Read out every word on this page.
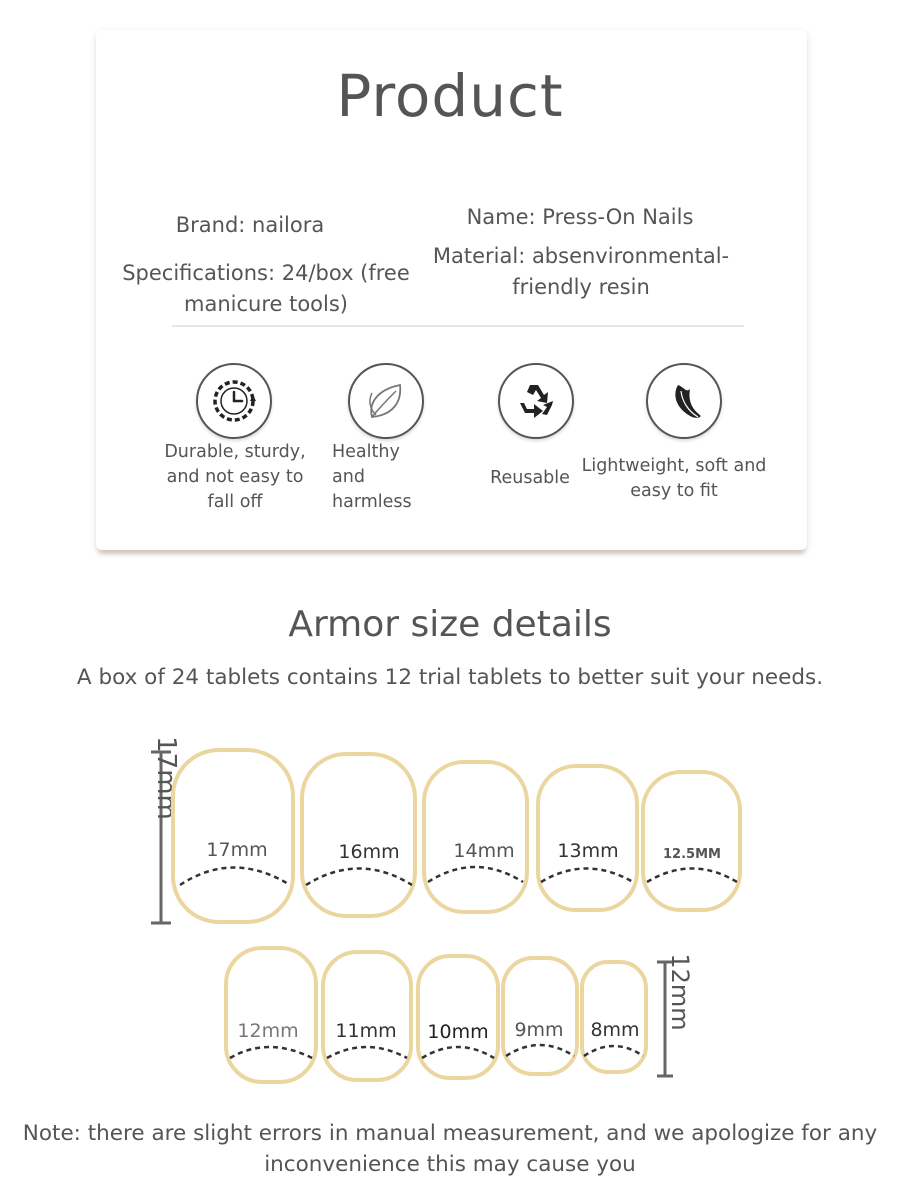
Product
Brand: nailora	Name: Press-On Nails
Specifications: 24/box (free manicure tools)
Material: absenvironmental-friendly resin
Durable, sturdy, and not easy to fall off
Healthy and harmless
Reusable
Lightweight, soft and easy to fit
Armor size details
A box of 24 tablets contains 12 trial tablets to better suit your needs.
17mm
17mm	16mm	14mm 13mm	12.5MM
12mm 11mm 10mm 9mm 8mm 12mm
Note: there are slight errors in manual measurement, and we apologize for any inconvenience this may cause you
